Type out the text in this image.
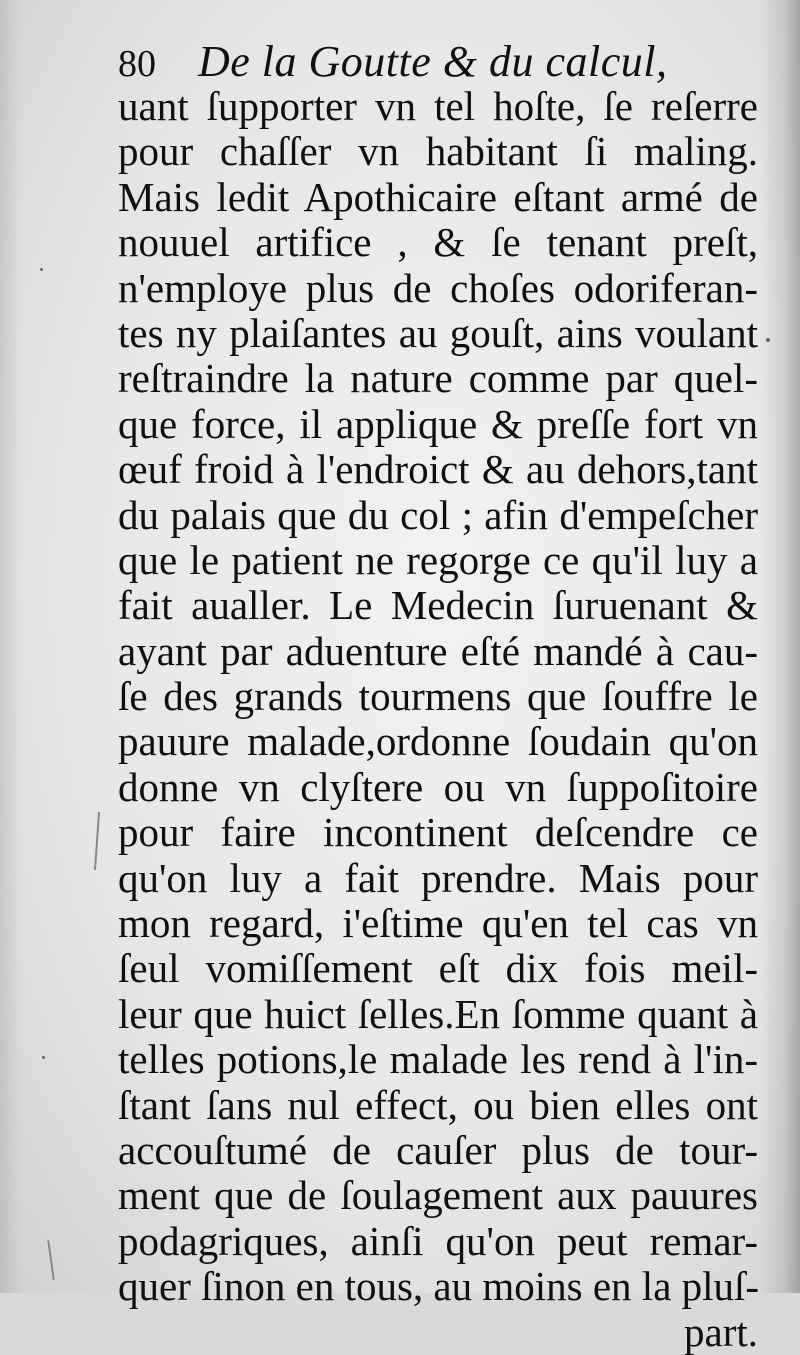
80 De la Goutte & du calcul,
uant ſupporter vn tel hoſte, ſe reſerre
pour chaſſer vn habitant ſi maling.
Mais ledit Apothicaire eſtant armé de
nouuel artifice , & ſe tenant preſt,
n'employe plus de choſes odoriferan-
tes ny plaiſantes au gouſt, ains voulant
reſtraindre la nature comme par quel-
que force, il applique & preſſe fort vn
œuf froid à l'endroict & au dehors,tant
du palais que du col ; afin d'empeſcher
que le patient ne regorge ce qu'il luy a
fait aualler. Le Medecin ſuruenant &
ayant par aduenture eſté mandé à cau-
ſe des grands tourmens que ſouffre le
pauure malade,ordonne ſoudain qu'on
donne vn clyſtere ou vn ſuppoſitoire
pour faire incontinent deſcendre ce
qu'on luy a fait prendre. Mais pour
mon regard, i'eſtime qu'en tel cas vn
ſeul vomiſſement eſt dix fois meil-
leur que huict ſelles.En ſomme quant à
telles potions,le malade les rend à l'in-
ſtant ſans nul effect, ou bien elles ont
accouſtumé de cauſer plus de tour-
ment que de ſoulagement aux pauures
podagriques, ainſi qu'on peut remar-
quer ſinon en tous, au moins en la pluſ-
part.
